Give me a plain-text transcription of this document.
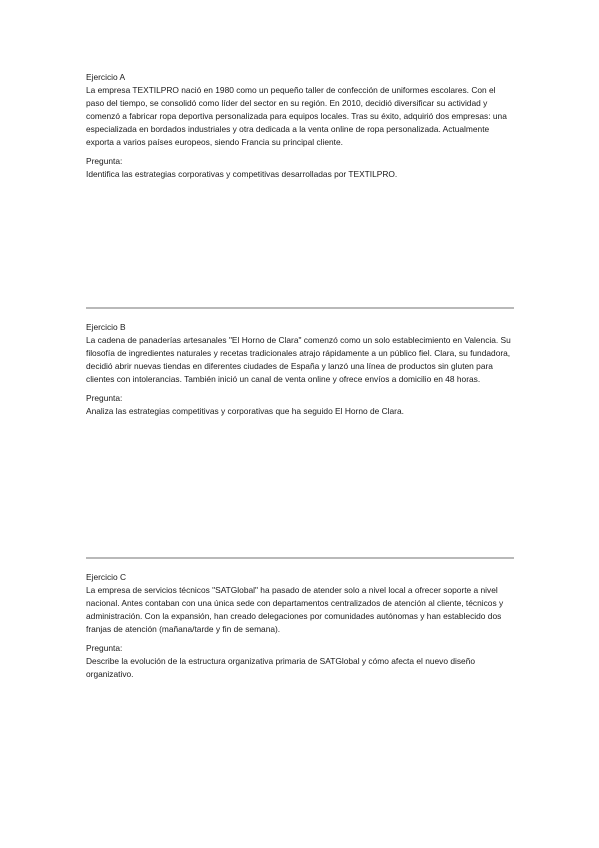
Ejercicio A

La empresa TEXTILPRO nació en 1980 como un pequeño taller de confección de uniformes escolares. Con el paso del tiempo, se consolidó como líder del sector en su región. En 2010, decidió diversificar su actividad y comenzó a fabricar ropa deportiva personalizada para equipos locales. Tras su éxito, adquirió dos empresas: una especializada en bordados industriales y otra dedicada a la venta online de ropa personalizada. Actualmente exporta a varios países europeos, siendo Francia su principal cliente.

Pregunta:

Identifica las estrategias corporativas y competitivas desarrolladas por TEXTILPRO.

Ejercicio B

La cadena de panaderías artesanales "El Horno de Clara" comenzó como un solo establecimiento en Valencia. Su filosofía de ingredientes naturales y recetas tradicionales atrajo rápidamente a un público fiel. Clara, su fundadora, decidió abrir nuevas tiendas en diferentes ciudades de España y lanzó una línea de productos sin gluten para clientes con intolerancias. También inició un canal de venta online y ofrece envíos a domicilio en 48 horas.

Pregunta:

Analiza las estrategias competitivas y corporativas que ha seguido El Horno de Clara.

Ejercicio C

La empresa de servicios técnicos "SATGlobal" ha pasado de atender solo a nivel local a ofrecer soporte a nivel nacional. Antes contaban con una única sede con departamentos centralizados de atención al cliente, técnicos y administración. Con la expansión, han creado delegaciones por comunidades autónomas y han establecido dos franjas de atención (mañana/tarde y fin de semana).

Pregunta:

Describe la evolución de la estructura organizativa primaria de SATGlobal y cómo afecta el nuevo diseño organizativo.
